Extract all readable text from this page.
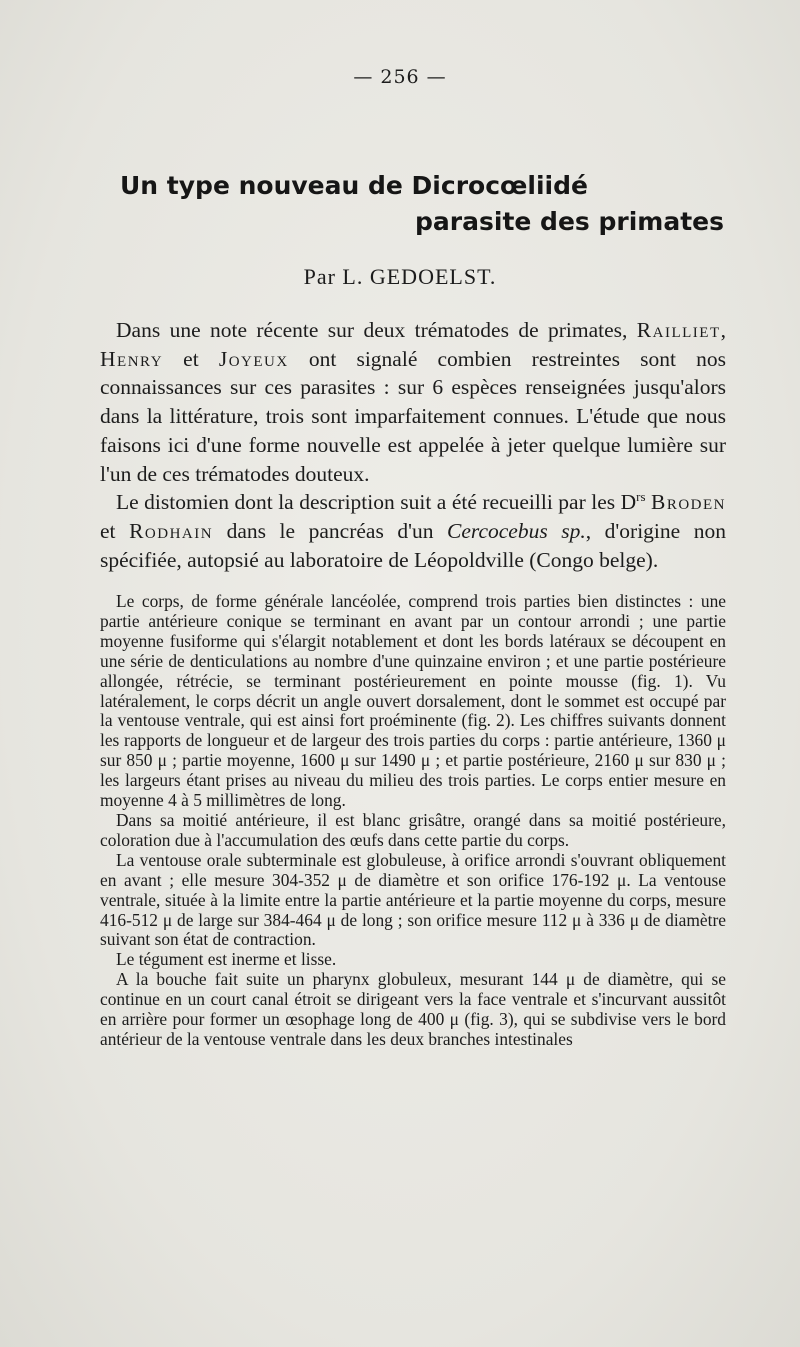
— 256 —
Un type nouveau de Dicrocœliidé
parasite des primates
Par L. GEDOELST.

Dans une note récente sur deux trématodes de primates, Railliet, Henry et Joyeux ont signalé combien restreintes sont nos connaissances sur ces parasites : sur 6 espèces renseignées jusqu'alors dans la littérature, trois sont imparfaitement connues. L'étude que nous faisons ici d'une forme nouvelle est appelée à jeter quelque lumière sur l'un de ces trématodes douteux.

Le distomien dont la description suit a été recueilli par les $D^{rs}$ Broden et Rodhain dans le pancréas d'un Cercocebus sp., d'origine non spécifiée, autopsié au laboratoire de Léopoldville (Congo belge).

Le corps, de forme générale lancéolée, comprend trois parties bien distinctes : une partie antérieure conique se terminant en avant par un contour arrondi ; une partie moyenne fusiforme qui s'élargit notablement et dont les bords latéraux se découpent en une série de denticulations au nombre d'une quinzaine environ ; et une partie postérieure allongée, rétrécie, se terminant postérieurement en pointe mousse (fig. 1). Vu latéralement, le corps décrit un angle ouvert dorsalement, dont le sommet est occupé par la ventouse ventrale, qui est ainsi fort proéminente (fig. 2). Les chiffres suivants donnent les rapports de longueur et de largeur des trois parties du corps : partie antérieure, 1360 μ sur 850 μ ; partie moyenne, 1600 μ sur 1490 μ ; et partie postérieure, 2160 μ sur 830 μ ; les largeurs étant prises au niveau du milieu des trois parties. Le corps entier mesure en moyenne 4 à 5 millimètres de long.

Dans sa moitié antérieure, il est blanc grisâtre, orangé dans sa moitié postérieure, coloration due à l'accumulation des œufs dans cette partie du corps.

La ventouse orale subterminale est globuleuse, à orifice arrondi s'ouvrant obliquement en avant ; elle mesure 304-352 μ de diamètre et son orifice 176-192 μ. La ventouse ventrale, située à la limite entre la partie antérieure et la partie moyenne du corps, mesure 416-512 μ de large sur 384-464 μ de long ; son orifice mesure 112 μ à 336 μ de diamètre suivant son état de contraction.

Le tégument est inerme et lisse.

A la bouche fait suite un pharynx globuleux, mesurant 144 μ de diamètre, qui se continue en un court canal étroit se dirigeant vers la face ventrale et s'incurvant aussitôt en arrière pour former un œsophage long de 400 μ (fig. 3), qui se subdivise vers le bord antérieur de la ventouse ventrale dans les deux branches intestinales
